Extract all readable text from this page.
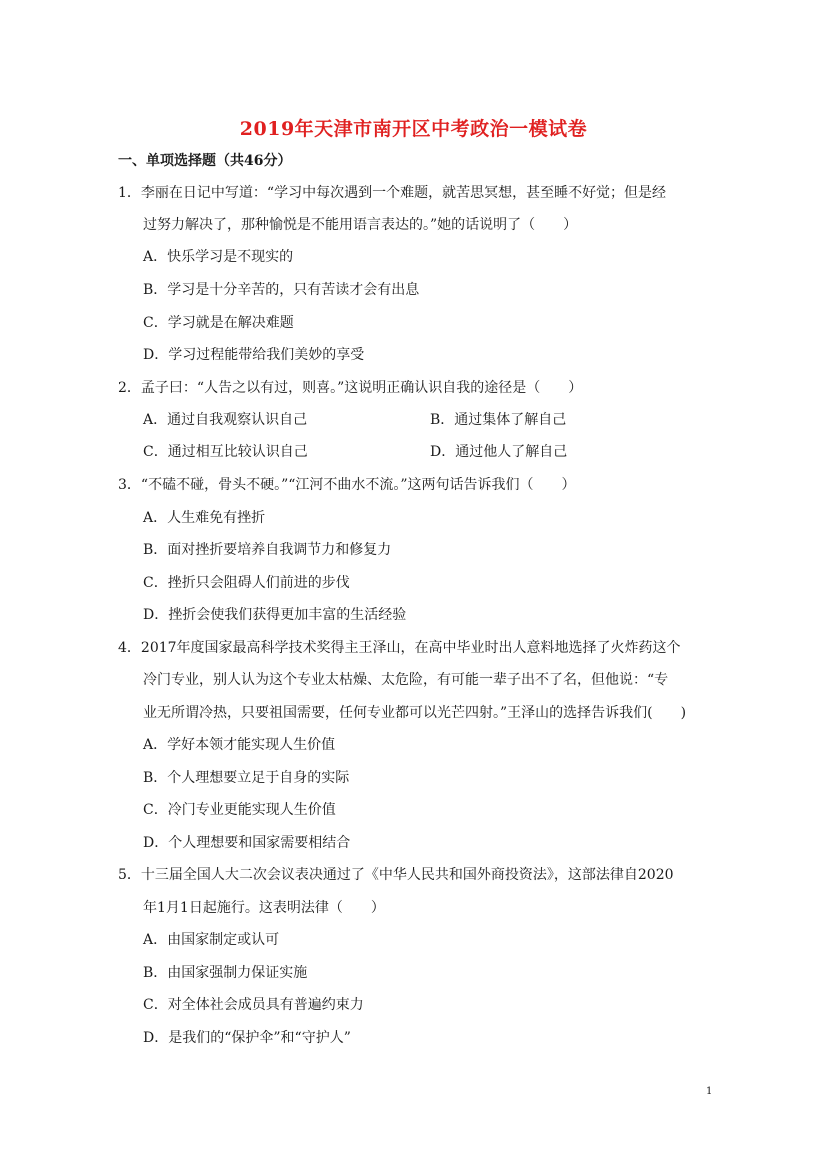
2019年天津市南开区中考政治一模试卷
一、单项选择题（共46分）
1．李丽在日记中写道：“学习中每次遇到一个难题，就苦思冥想，甚至睡不好觉；但是经
过努力解决了，那种愉悦是不能用语言表达的。”她的话说明了（　　）
A．快乐学习是不现实的
B．学习是十分辛苦的，只有苦读才会有出息
C．学习就是在解决难题
D．学习过程能带给我们美妙的享受
2．孟子曰：“人告之以有过，则喜。”这说明正确认识自我的途径是（　　）
A．通过自我观察认识自己	B．通过集体了解自己
C．通过相互比较认识自己	D．通过他人了解自己
3．“不磕不碰，骨头不硬。”“江河不曲水不流。”这两句话告诉我们（　　）
A．人生难免有挫折
B．面对挫折要培养自我调节力和修复力
C．挫折只会阻碍人们前进的步伐
D．挫折会使我们获得更加丰富的生活经验
4．2017年度国家最高科学技术奖得主王泽山，在高中毕业时出人意料地选择了火炸药这个
冷门专业，别人认为这个专业太枯燥、太危险，有可能一辈子出不了名，但他说：“专
业无所谓冷热，只要祖国需要，任何专业都可以光芒四射。”王泽山的选择告诉我们(　　)
A．学好本领才能实现人生价值
B．个人理想要立足于自身的实际
C．冷门专业更能实现人生价值
D．个人理想要和国家需要相结合
5．十三届全国人大二次会议表决通过了《中华人民共和国外商投资法》，这部法律自2020
年1月1日起施行。这表明法律（　　）
A．由国家制定或认可
B．由国家强制力保证实施
C．对全体社会成员具有普遍约束力
D．是我们的“保护伞”和“守护人”
1
